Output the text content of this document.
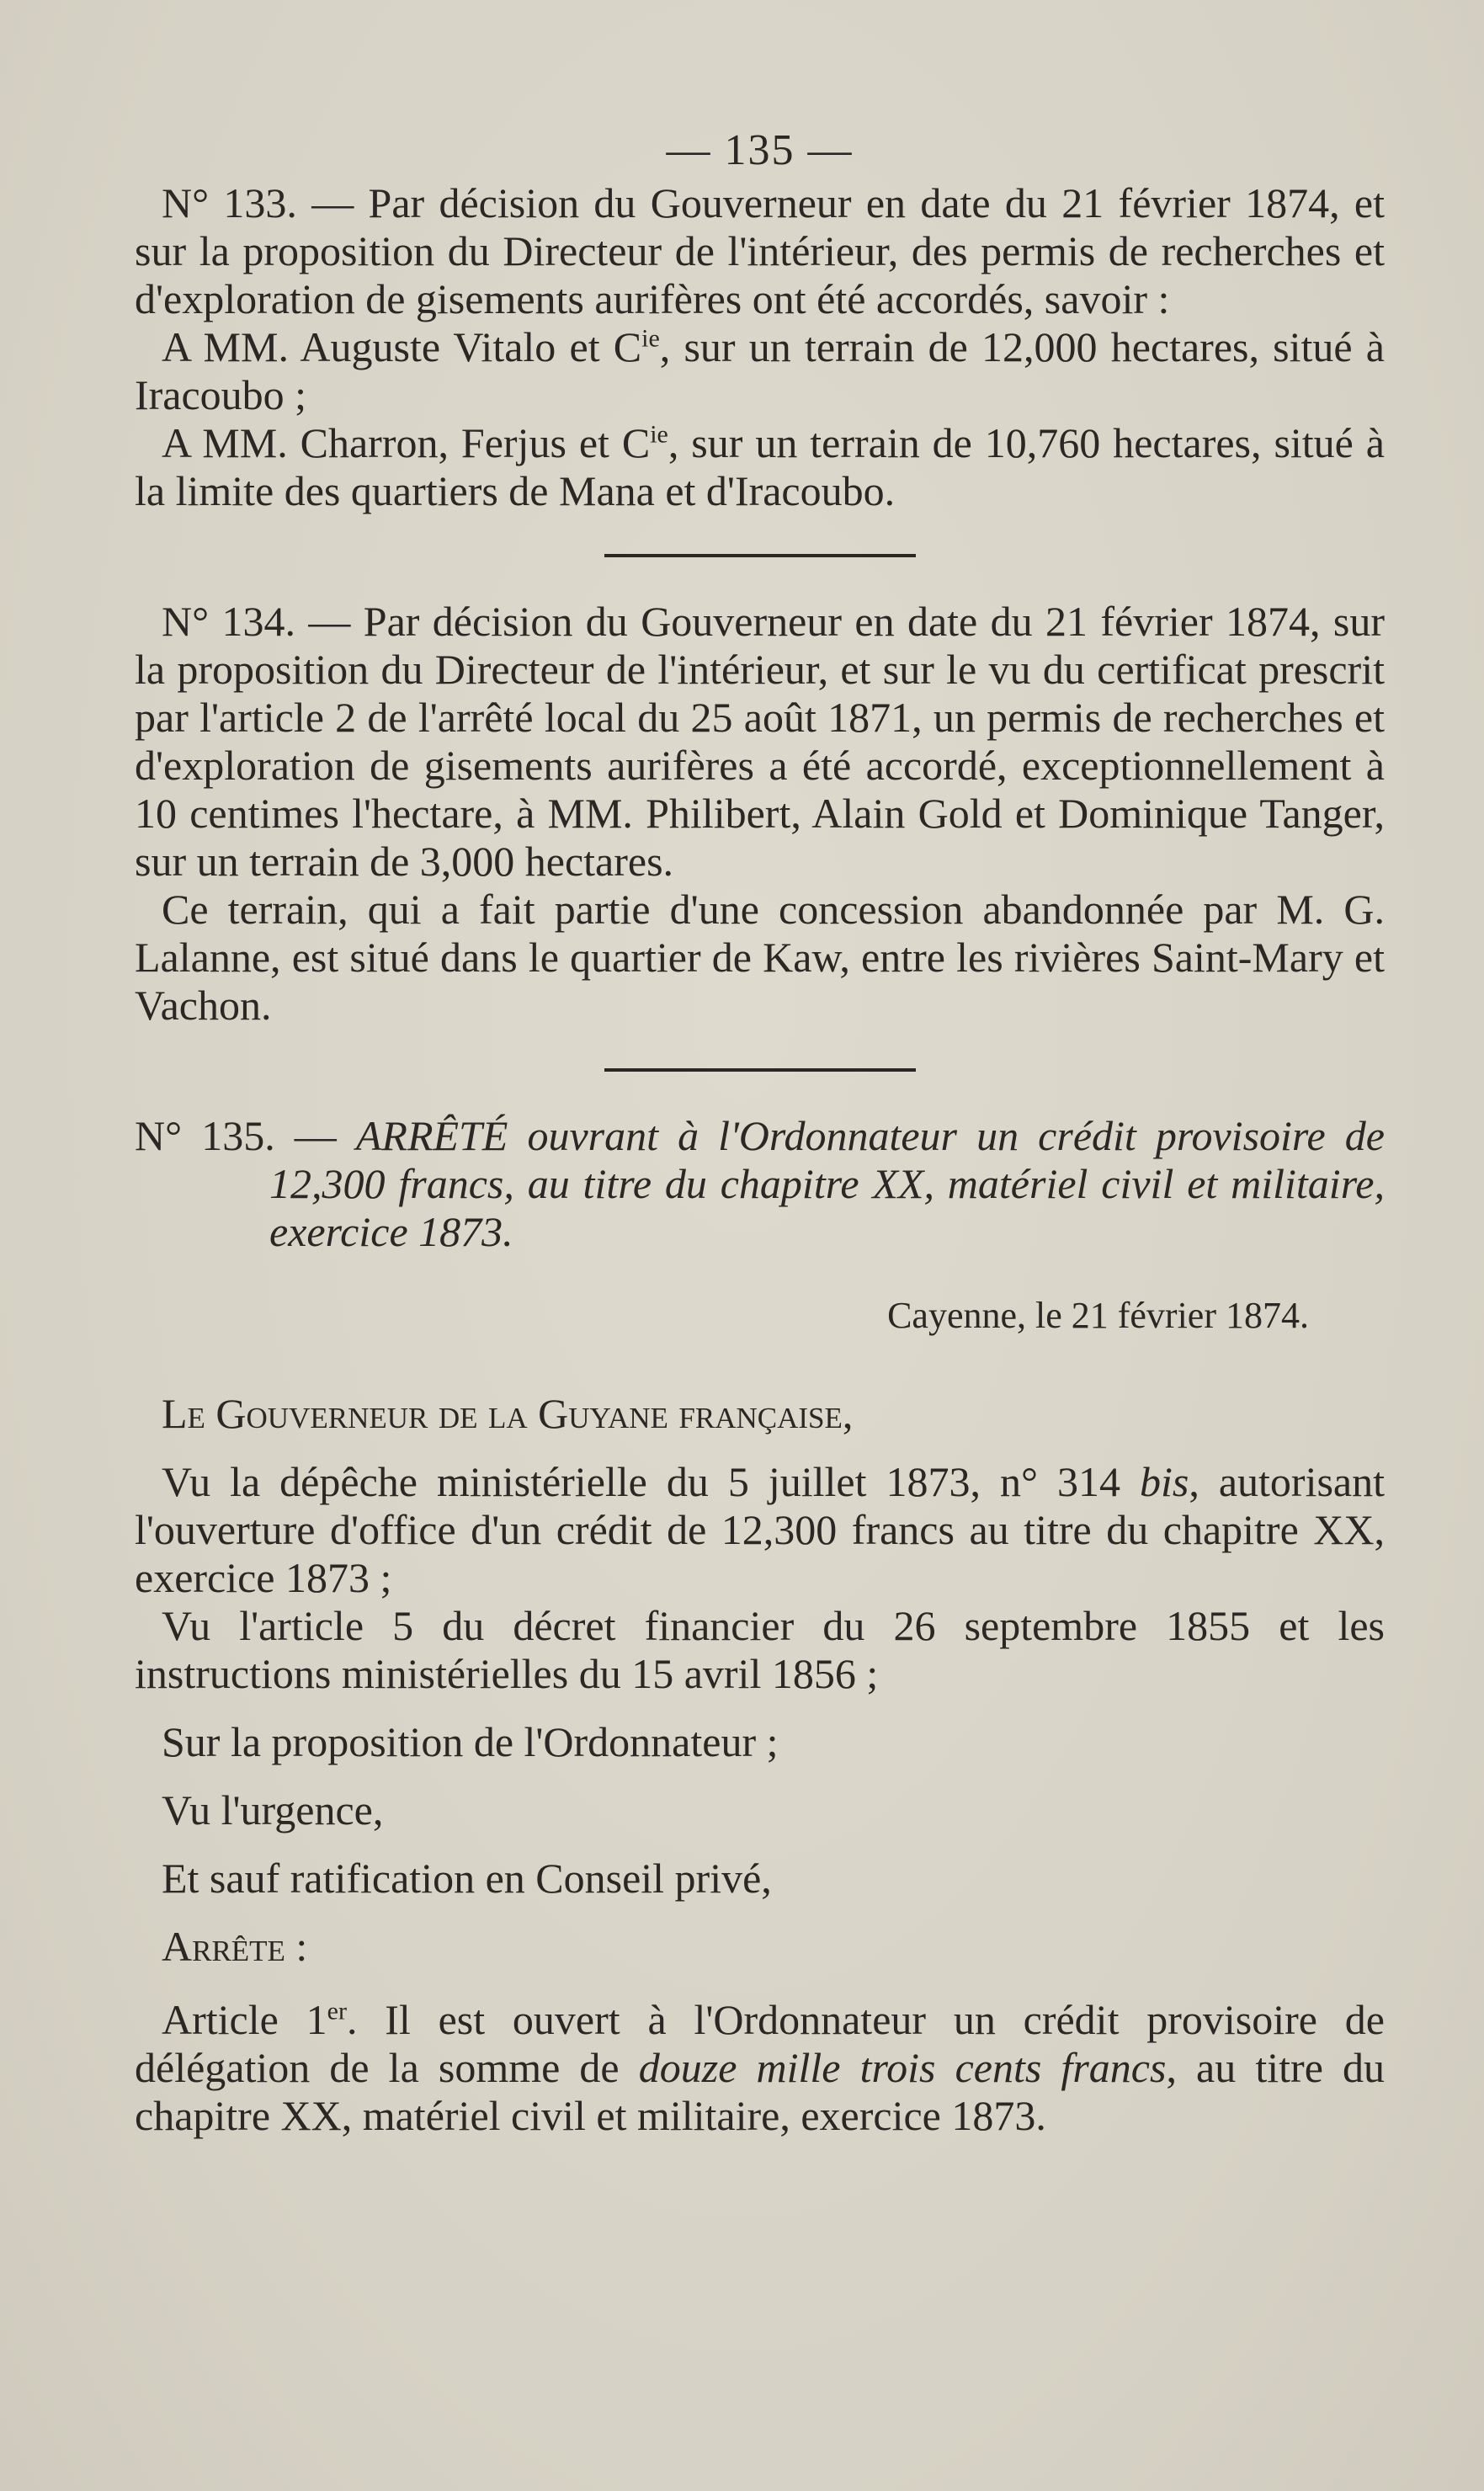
— 135 —

N° 133. — Par décision du Gouverneur en date du 21 février 1874, et sur la proposition du Directeur de l'intérieur, des permis de recherches et d'exploration de gisements aurifères ont été accordés, savoir :

A MM. Auguste Vitalo et $C^{ie}$, sur un terrain de 12,000 hectares, situé à Iracoubo ;

A MM. Charron, Ferjus et $C^{ie}$, sur un terrain de 10,760 hectares, situé à la limite des quartiers de Mana et d'Iracoubo.

N° 134. — Par décision du Gouverneur en date du 21 février 1874, sur la proposition du Directeur de l'intérieur, et sur le vu du certificat prescrit par l'article 2 de l'arrêté local du 25 août 1871, un permis de recherches et d'exploration de gisements aurifères a été accordé, exceptionnellement à 10 centimes l'hectare, à MM. Philibert, Alain Gold et Dominique Tanger, sur un terrain de 3,000 hectares.

Ce terrain, qui a fait partie d'une concession abandonnée par M. G. Lalanne, est situé dans le quartier de Kaw, entre les rivières Saint-Mary et Vachon.

N° 135. — ARRÊTÉ ouvrant à l'Ordonnateur un crédit provisoire de 12,300 francs, au titre du chapitre XX, matériel civil et militaire, exercice 1873.

Cayenne, le 21 février 1874.

Le Gouverneur de la Guyane française,

Vu la dépêche ministérielle du 5 juillet 1873, n° 314 bis, autorisant l'ouverture d'office d'un crédit de 12,300 francs au titre du chapitre XX, exercice 1873 ;

Vu l'article 5 du décret financier du 26 septembre 1855 et les instructions ministérielles du 15 avril 1856 ;

Sur la proposition de l'Ordonnateur ;

Vu l'urgence,

Et sauf ratification en Conseil privé,

Arrête :

Article 1er. Il est ouvert à l'Ordonnateur un crédit provisoire de délégation de la somme de douze mille trois cents francs, au titre du chapitre XX, matériel civil et militaire, exercice 1873.
